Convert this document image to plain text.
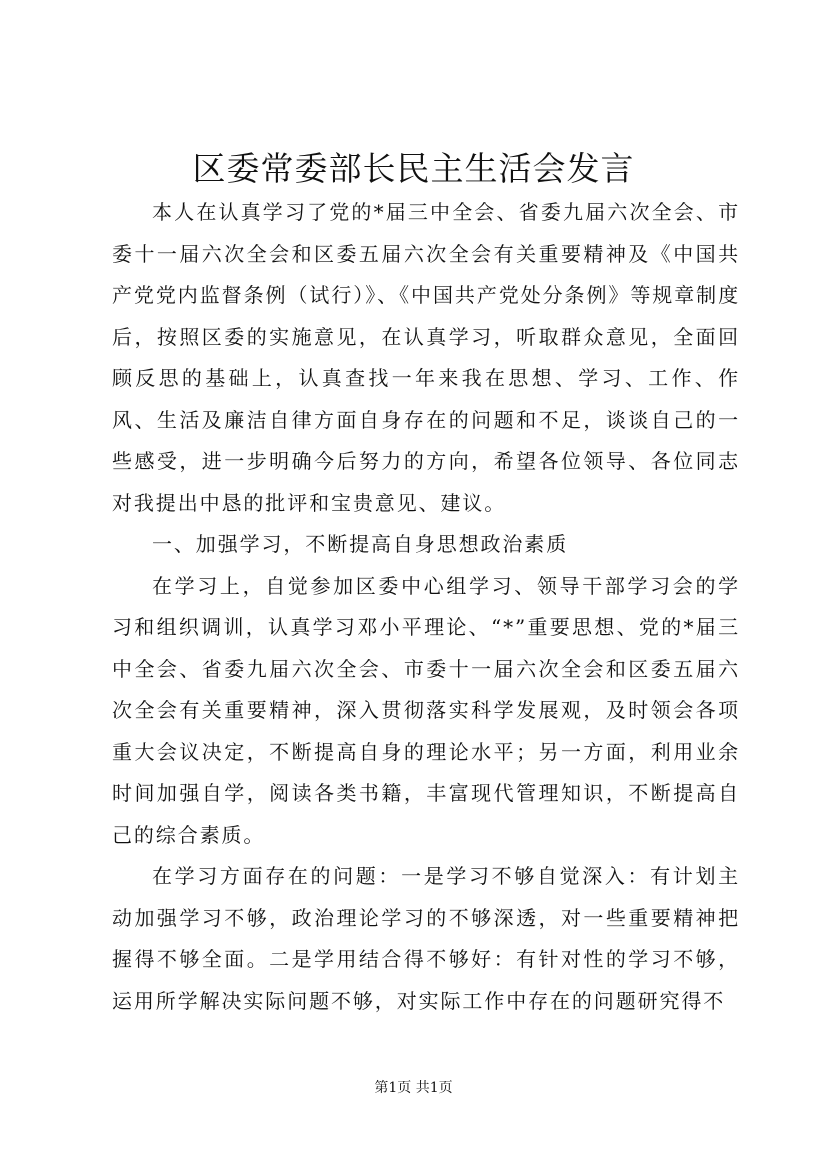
区委常委部长民主生活会发言

本人在认真学习了党的*届三中全会、省委九届六次全会、市委十一届六次全会和区委五届六次全会有关重要精神及《中国共产党党内监督条例（试行）》、《中国共产党处分条例》等规章制度后，按照区委的实施意见，在认真学习，听取群众意见，全面回顾反思的基础上，认真查找一年来我在思想、学习、工作、作风、生活及廉洁自律方面自身存在的问题和不足，谈谈自己的一些感受，进一步明确今后努力的方向，希望各位领导、各位同志对我提出中恳的批评和宝贵意见、建议。

一、加强学习，不断提高自身思想政治素质

在学习上，自觉参加区委中心组学习、领导干部学习会的学习和组织调训，认真学习邓小平理论、“*”重要思想、党的*届三中全会、省委九届六次全会、市委十一届六次全会和区委五届六次全会有关重要精神，深入贯彻落实科学发展观，及时领会各项重大会议决定，不断提高自身的理论水平；另一方面，利用业余时间加强自学，阅读各类书籍，丰富现代管理知识，不断提高自己的综合素质。

在学习方面存在的问题：一是学习不够自觉深入：有计划主动加强学习不够，政治理论学习的不够深透，对一些重要精神把握得不够全面。二是学用结合得不够好：有针对性的学习不够，运用所学解决实际问题不够，对实际工作中存在的问题研究得不

第1页 共1页
